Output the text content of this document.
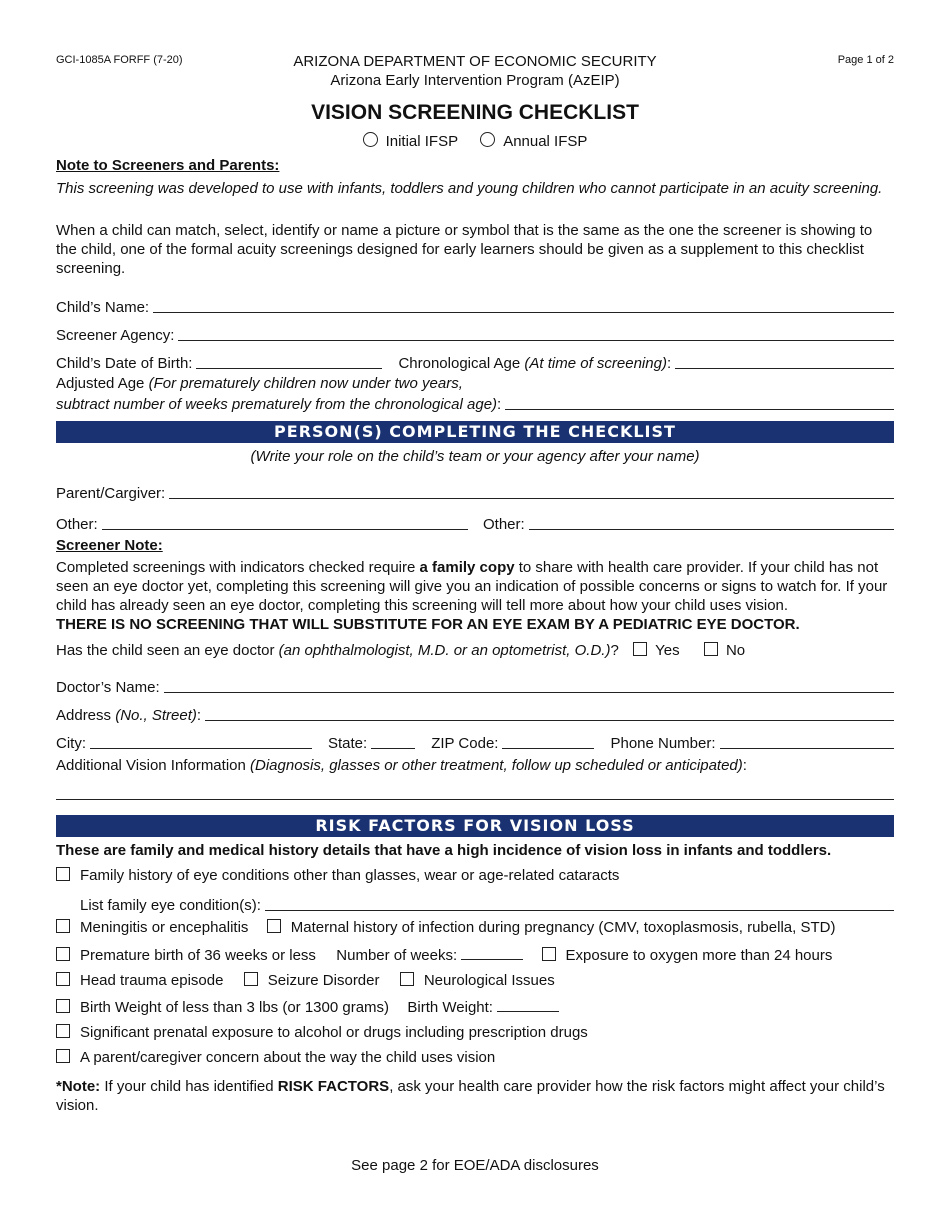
GCI-1085A FORFF (7-20)	Page 1 of 2
ARIZONA DEPARTMENT OF ECONOMIC SECURITY
Arizona Early Intervention Program (AzEIP)
VISION SCREENING CHECKLIST
Initial IFSP	Annual IFSP
Note to Screeners and Parents:
This screening was developed to use with infants, toddlers and young children who cannot participate in an acuity screening.
When a child can match, select, identify or name a picture or symbol that is the same as the one the screener is showing to the child, one of the formal acuity screenings designed for early learners should be given as a supplement to this checklist screening.
Child’s Name:
Screener Agency:
Child’s Date of Birth:	Chronological Age
(At time of screening) :
Adjusted Age (For prematurely children now under two years,
subtract number of weeks prematurely from the chronological age) :
PERSON(S) COMPLETING THE CHECKLIST
(Write your role on the child’s team or your agency after your name)
Parent/Cargiver:
Other:	Other:
Screener Note:
Completed screenings with indicators checked require a family copy to share with health care provider. If your child has not seen an eye doctor yet, completing this screening will give you an indication of possible concerns or signs to watch for. If your child has already seen an eye doctor, completing this screening will tell more about how your child uses vision.
THERE IS NO SCREENING THAT WILL SUBSTITUTE FOR AN EYE EXAM BY A PEDIATRIC EYE DOCTOR.
Has the child seen an eye doctor (an ophthalmologist, M.D. or an optometrist, O.D.)?  Yes	No
Doctor’s Name:
Address
(No., Street) :
City:	State:	ZIP Code:	Phone Number:
Additional Vision Information (Diagnosis, glasses or other treatment, follow up scheduled or anticipated):
RISK FACTORS FOR VISION LOSS
These are family and medical history details that have a high incidence of vision loss in infants and toddlers.
Family history of eye conditions other than glasses, wear or age-related cataracts
List family eye condition(s):
Meningitis or encephalitis	Maternal history of infection during pregnancy (CMV, toxoplasmosis, rubella, STD)
Premature birth of 36 weeks or less Number of weeks:	Exposure to oxygen more than 24 hours
Head trauma episode	Seizure Disorder	Neurological Issues
Birth Weight of less than 3 lbs (or 1300 grams) Birth Weight:
Significant prenatal exposure to alcohol or drugs including prescription drugs
A parent/caregiver concern about the way the child uses vision
*Note: If your child has identified RISK FACTORS, ask your health care provider how the risk factors might affect your child’s vision.
See page 2 for EOE/ADA disclosures
